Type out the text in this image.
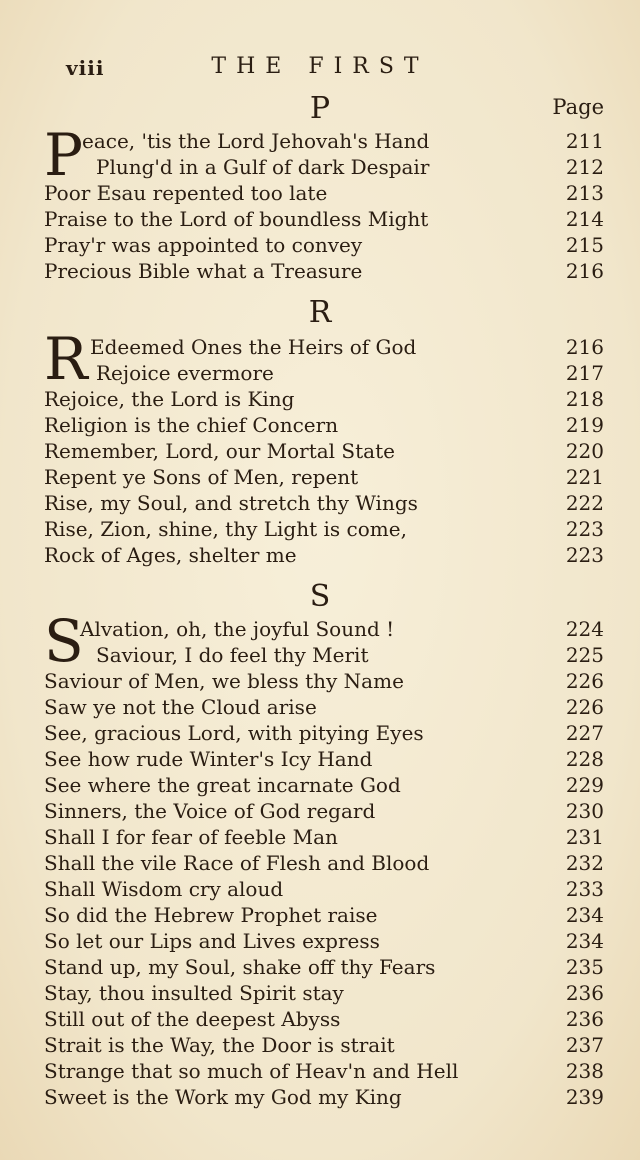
viii	THE FIRST
P	Page
P
eace, 'tis the Lord Jehovah's Hand	211
Plung'd in a Gulf of dark Despair	212
Poor Esau repented too late	213
Praise to the Lord of boundless Might	214
Pray'r was appointed to convey	215
Precious Bible what a Treasure	216
R
R Edeemed Ones the Heirs of God	216
Rejoice evermore	217
Rejoice, the Lord is King	218
Religion is the chief Concern	219
Remember, Lord, our Mortal State	220
Repent ye Sons of Men, repent	221
Rise, my Soul, and stretch thy Wings	222
Rise, Zion, shine, thy Light is come,	223
Rock of Ages, shelter me	223
S
S
Alvation, oh, the joyful Sound !	224
Saviour, I do feel thy Merit	225
Saviour of Men, we bless thy Name	226
Saw ye not the Cloud arise	226
See, gracious Lord, with pitying Eyes	227
See how rude Winter's Icy Hand	228
See where the great incarnate God	229
Sinners, the Voice of God regard	230
Shall I for fear of feeble Man	231
Shall the vile Race of Flesh and Blood	232
Shall Wisdom cry aloud	233
So did the Hebrew Prophet raise	234
So let our Lips and Lives express	234
Stand up, my Soul, shake off thy Fears	235
Stay, thou insulted Spirit stay	236
Still out of the deepest Abyss	236
Strait is the Way, the Door is strait	237
Strange that so much of Heav'n and Hell	238
Sweet is the Work my God my King	239
